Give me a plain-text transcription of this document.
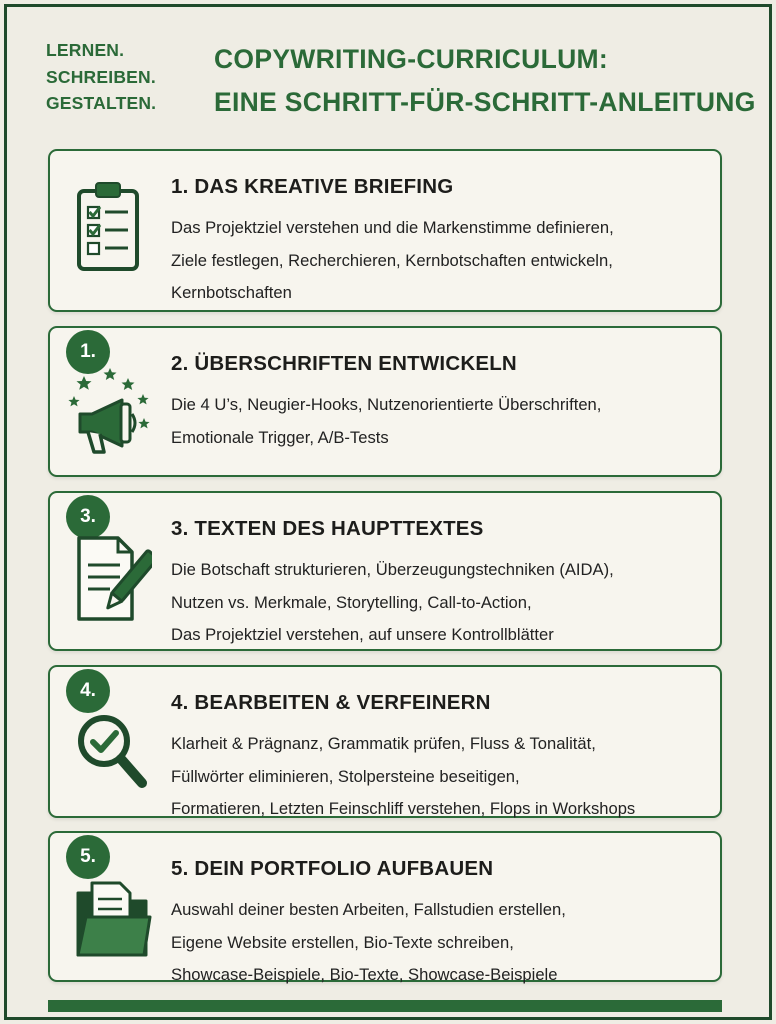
LERNEN.
SCHREIBEN.
GESTALTEN.
COPYWRITING-CURRICULUM:
EINE SCHRITT-FÜR-SCHRITT-ANLEITUNG
1. DAS KREATIVE BRIEFING
Das Projektziel verstehen und die Markenstimme definieren,
Ziele festlegen, Recherchieren, Kernbotschaften entwickeln,
Kernbotschaften
1.
2. ÜBERSCHRIFTEN ENTWICKELN
Die 4 U’s, Neugier-Hooks, Nutzenorientierte Überschriften,
Emotionale Trigger, A/B-Tests
3.
3. TEXTEN DES HAUPTTEXTES
Die Botschaft strukturieren, Überzeugungstechniken (AIDA),
Nutzen vs. Merkmale, Storytelling, Call-to-Action,
Das Projektziel verstehen, auf unsere Kontrollblätter
4.
4. BEARBEITEN & VERFEINERN
Klarheit & Prägnanz, Grammatik prüfen, Fluss & Tonalität,
Füllwörter eliminieren, Stolpersteine beseitigen,
Formatieren, Letzten Feinschliff verstehen, Flops in Workshops
5.
5. DEIN PORTFOLIO AUFBAUEN
Auswahl deiner besten Arbeiten, Fallstudien erstellen,
Eigene Website erstellen, Bio-Texte schreiben,
Showcase-Beispiele, Bio-Texte, Showcase-Beispiele
